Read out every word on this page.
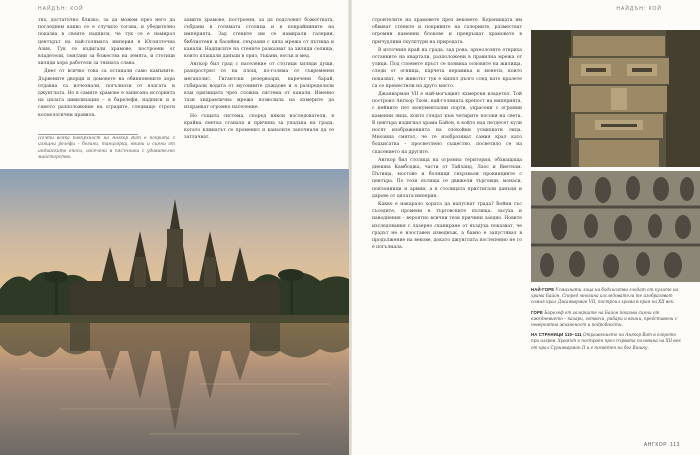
НАЙДЪН: КОЙ	НАЙДЪН: КОЙ

тях, достатъчно близко, за да можем през него да погледнем какво се е случило тогава, и убедително показва в своите надписи, че тук се е намирал центърът на най-голямата империя в Югоизточна Азия. Тук се издигали храмове, построени от владетели, смятани за божества на земята, и стотици хиляди хора работели за тяхната слава.

Днес от всичко това са останали само камъните. Дървените дворци и домовете на обикновените хора отдавна са изчезнали, погълнати от влагата и джунглата. Но в самите храмове е записана историята на цялата цивилизация – в барелефи, надписи и в самото разположение на сградите, следващо строги космологични правила.

Почти всяка повърхност на Ангкор Ват е покрита с изящни релефи – богини, танцьорки, воини и сцени от индийските епоси, изсечени в пясъчника с удивително майсторство.

ахмите храмове, построени, за да подслонят божествата, събрани в голямата столица и в покрайнините на империята. Зад стените им се намирали галерии, библиотеки и басейни, свързани с цяла мрежа от пътища и канали. Надписите на стените разказват за хиляди селища, които плащали данъци в ориз, тъкани, восък и мед.

Ангкор бил град с население от стотици хиляди души, разпрострял се на площ, по-голяма от съвременен мегаполис. Гигантски резервоари, наречени барай, събирали водата от мусонните дъждове и я разпределяли към оризищата чрез сложна система от канали. Именно тази хидравлична мрежа позволила на кхмерите да изхранват огромно население.

Но същата система, според някои изследователи, в крайна сметка станала и причина за упадъка на града, когато климатът се променил и каналите започнали да се затлачват.

строителите на храмовете през вековете. Коренищата им обвиват стените и покривите на галериите, разместват огромни каменни блокове и превръщат храмовете в причудливи скулптури на природата.

В източния край на града, зад рова, археолозите откриха останките на квартали, разположени в правилна мрежа от улици. Под слоевете пръст се появиха основите на жилища, следи от огнища, парчета керамика и монети, които показват, че животът тук е кипял дълго след като кралете са се преместили на друго място.

Джаяварман VII е най-могъщият кхмерски владетел. Той построил Ангкор Тхом, най-голямата крепост на империята, с нейните пет монументални порти, украсени с огромни каменни лица, които гледат към четирите посоки на света. В центъра издигнал храма Байон, в който над петдесет кули носят изображенията на спокойни усмихнати лица. Мнозина смятат, че те изобразяват самия крал като бодхисатва – просветлено същество, посветило се на спасението на другите.

Ангкор бил столица на огромна територия, обхващаща днешна Камбоджа, части от Тайланд, Лаос и Виетнам. Пътища, мостове и болници свързвали провинциите с центъра. По тези пътища се движели търговци, монаси, поклонници и армии, а в столицата пристигали данъци и дарове от цялата империя.

Какво е накарало хората да напуснат града? Войни със съседите, промени в търговските пътища, засуха и наводнения – вероятно всички тези причини заедно. Новите изследования с лазерно сканиране от въздуха показват, че градът не е изоставен изведнъж, а бавно е запустявал в продължение на векове, докато джунглата постепенно не го е погълнала.

НАЙ-ГОРЕ Усмихнати лица на бодхисатва гледат от кулите на храма Байон. Според мнозина изследователи те изобразяват самия крал Джаяварман VII, построил храма в края на XII век.

ГОРЕ Барелеф от галериите на Байон показва сцени от ежедневието – пазари, готвачи, рибари и воини, представени с невероятна жизненост и подробности.

НА СТРАНИЦИ 110–111 Отражението на Ангкор Ват в езерото при изгрев. Храмът е построен през първата половина на XII век от крал Сурияварман II и е посветен на бог Вишну.

АНГКОР 113
